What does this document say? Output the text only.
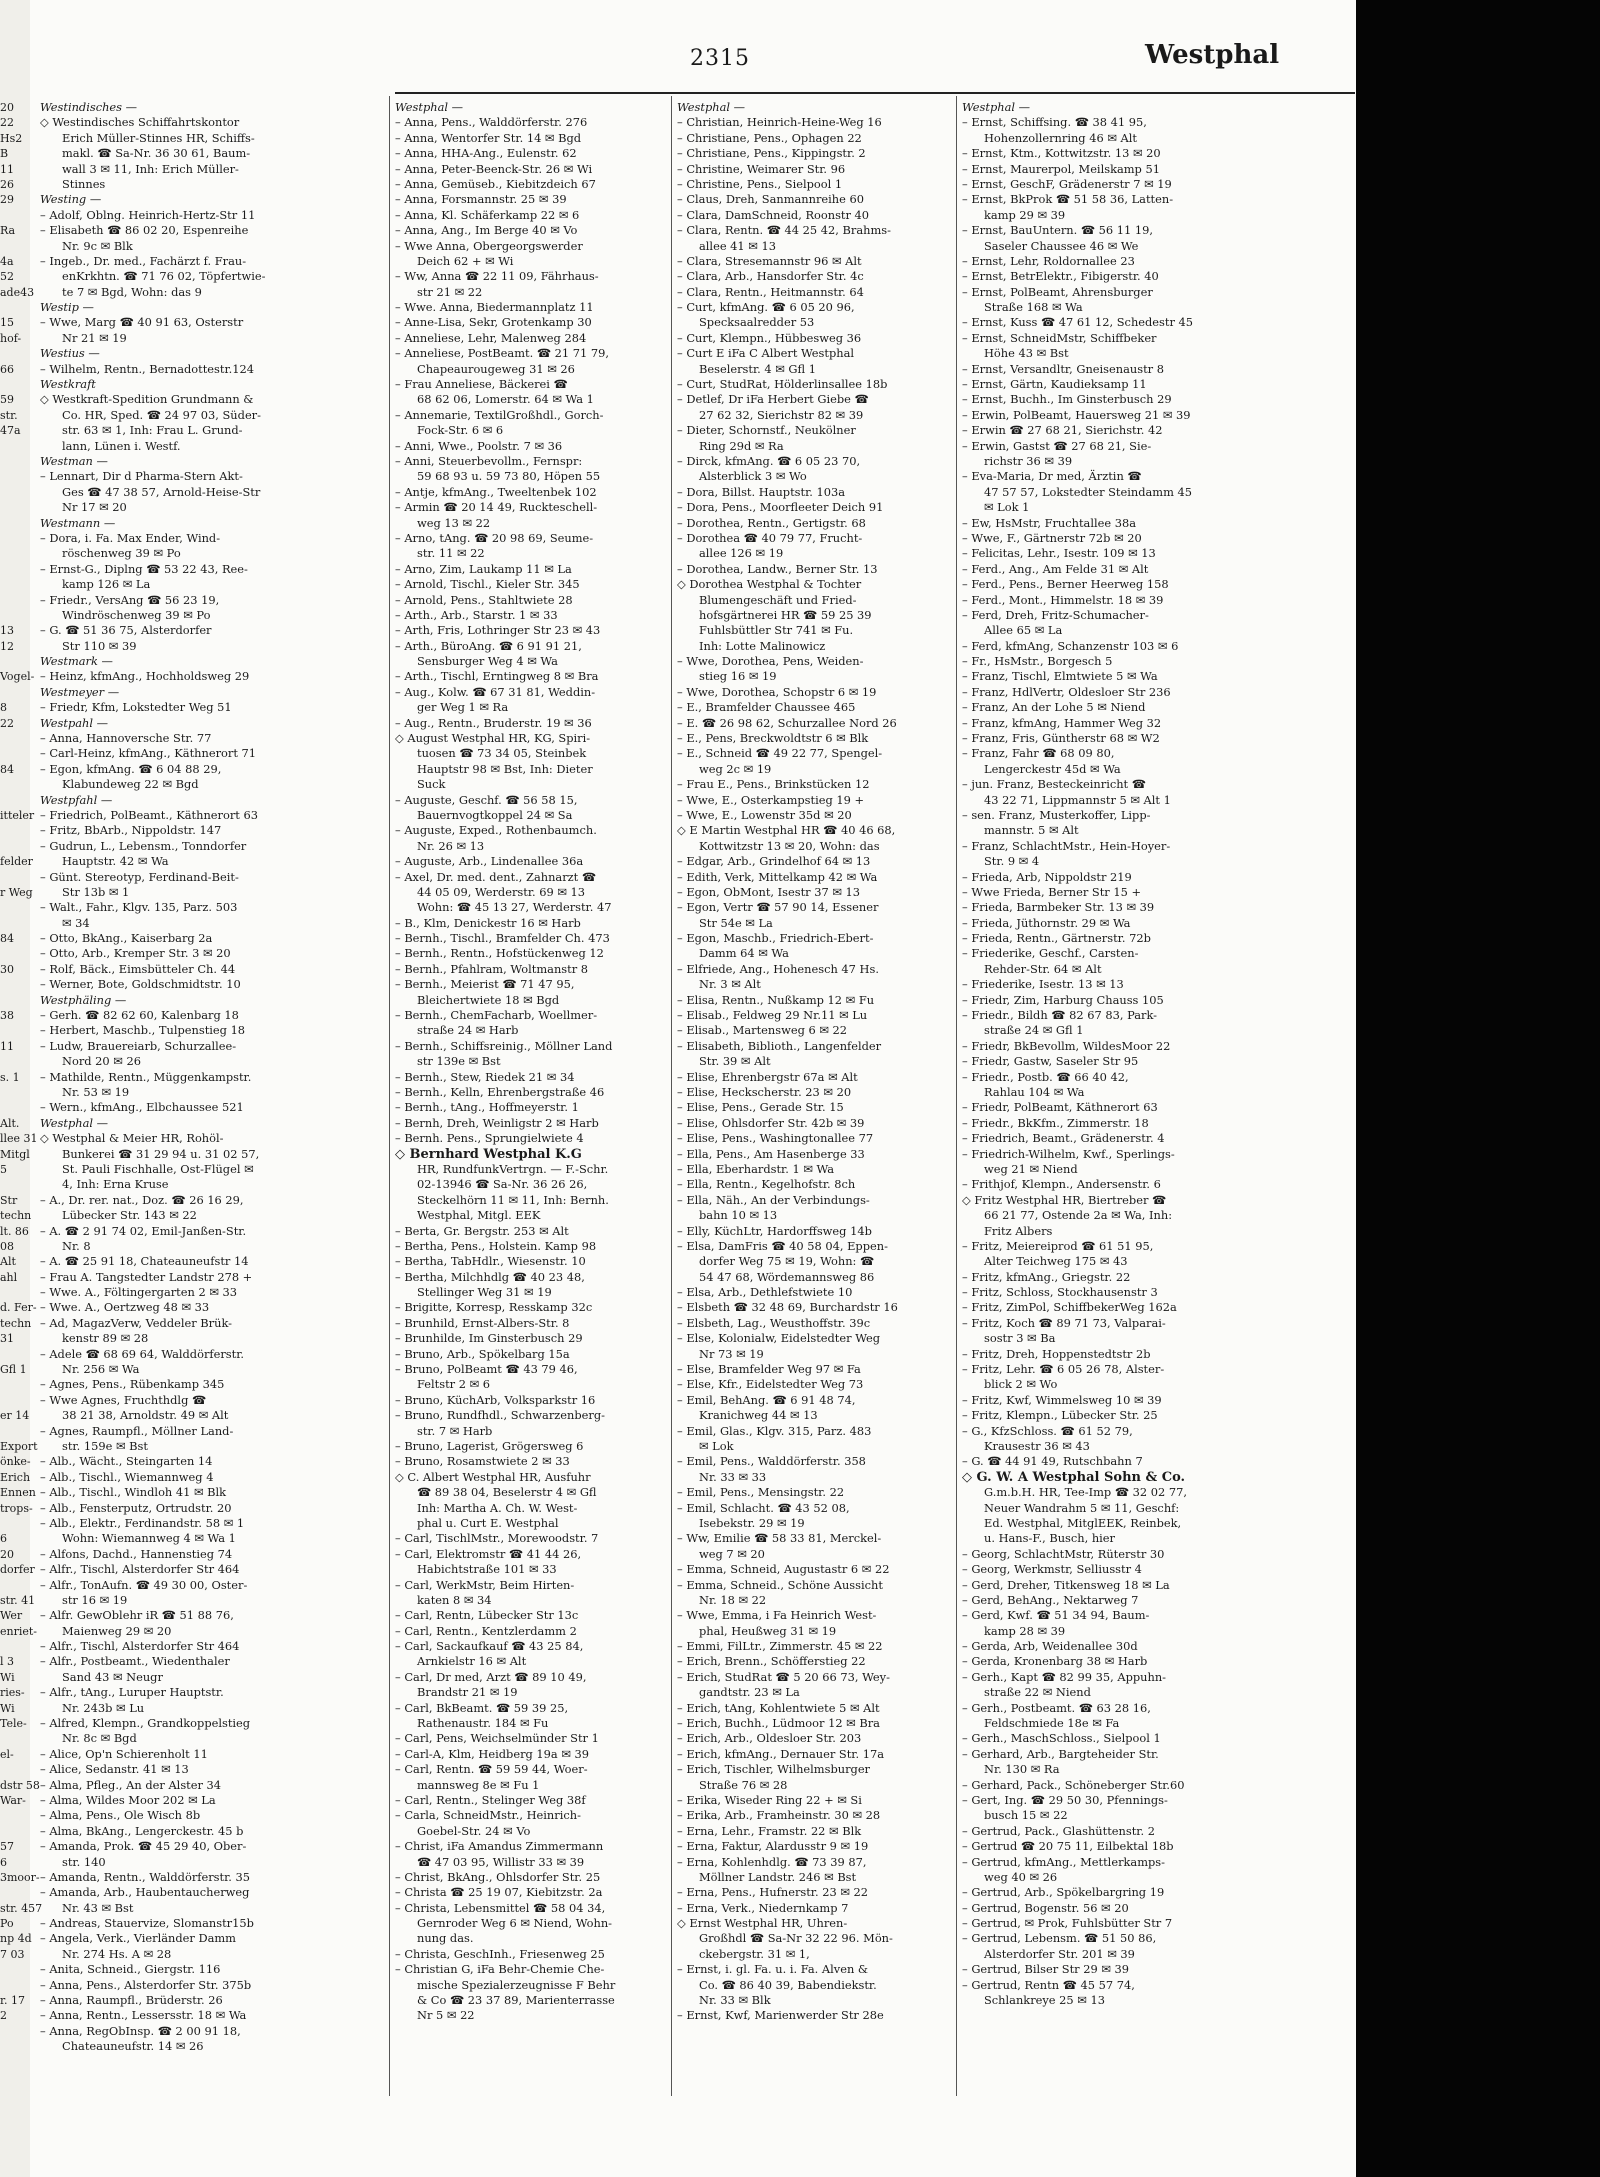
20
22
Hs2
B
11
26
29
Ra
4a
52
ade43
15
hof-
66
59
str.
47a
13
12
Vogel-
8
22
84
itteler
felder
r Weg
84
30
38
11
s. 1
Alt.
llee 31
Mitgl
5
Str
techn
lt. 86
08
Alt
ahl
d. Fer-
techn
31
Gfl 1
er 14
Export
önke-
Erich
Ennen
trops-
6
20
dorfer
str. 41
Wer
enriet-
l 3
Wi
ries-
Wi
Tele-
el-
dstr 58
War-
57
6
3moor-
str. 457
Po
np 4d
7 03
r. 17
2
2315	Westphal
Westindisches —
◇ Westindisches Schiffahrtskontor
Erich Müller-Stinnes HR, Schiffs-
makl. ☎ Sa-Nr. 36 30 61, Baum-
wall 3 ✉ 11, Inh: Erich Müller-
Stinnes
Westing —
– Adolf, Oblng. Heinrich-Hertz-Str 11
– Elisabeth ☎ 86 02 20, Espenreihe
Nr. 9c ✉ Blk
– Ingeb., Dr. med., Fachärzt f. Frau-
enKrkhtn. ☎ 71 76 02, Töpfertwie-
te 7 ✉ Bgd, Wohn: das 9
Westip —
– Wwe, Marg ☎ 40 91 63, Osterstr
Nr 21 ✉ 19
Westius —
– Wilhelm, Rentn., Bernadottestr.124
Westkraft
◇ Westkraft-Spedition Grundmann &
Co. HR, Sped. ☎ 24 97 03, Süder-
str. 63 ✉ 1, Inh: Frau L. Grund-
lann, Lünen i. Westf.
Westman —
– Lennart, Dir d Pharma-Stern Akt-
Ges ☎ 47 38 57, Arnold-Heise-Str
Nr 17 ✉ 20
Westmann —
– Dora, i. Fa. Max Ender, Wind-
röschenweg 39 ✉ Po
– Ernst-G., Diplng ☎ 53 22 43, Ree-
kamp 126 ✉ La
– Friedr., VersAng ☎ 56 23 19,
Windröschenweg 39 ✉ Po
– G. ☎ 51 36 75, Alsterdorfer
Str 110 ✉ 39
Westmark —
– Heinz, kfmAng., Hochholdsweg 29
Westmeyer —
– Friedr, Kfm, Lokstedter Weg 51
Westpahl —
– Anna, Hannoversche Str. 77
– Carl-Heinz, kfmAng., Käthnerort 71
– Egon, kfmAng. ☎ 6 04 88 29,
Klabundeweg 22 ✉ Bgd
Westpfahl —
– Friedrich, PolBeamt., Käthnerort 63
– Fritz, BbArb., Nippoldstr. 147
– Gudrun, L., Lebensm., Tonndorfer
Hauptstr. 42 ✉ Wa
– Günt. Stereotyp, Ferdinand-Beit-
Str 13b ✉ 1
– Walt., Fahr., Klgv. 135, Parz. 503
✉ 34
– Otto, BkAng., Kaiserbarg 2a
– Otto, Arb., Kremper Str. 3 ✉ 20
– Rolf, Bäck., Eimsbütteler Ch. 44
– Werner, Bote, Goldschmidtstr. 10
Westphäling —
– Gerh. ☎ 82 62 60, Kalenbarg 18
– Herbert, Maschb., Tulpenstieg 18
– Ludw, Brauereiarb, Schurzallee-
Nord 20 ✉ 26
– Mathilde, Rentn., Müggenkampstr.
Nr. 53 ✉ 19
– Wern., kfmAng., Elbchaussee 521
Westphal —
◇ Westphal & Meier HR, Rohöl-
Bunkerei ☎ 31 29 94 u. 31 02 57,
St. Pauli Fischhalle, Ost-Flügel ✉
4, Inh: Erna Kruse
– A., Dr. rer. nat., Doz. ☎ 26 16 29,
Lübecker Str. 143 ✉ 22
– A. ☎ 2 91 74 02, Emil-Janßen-Str.
Nr. 8
– A. ☎ 25 91 18, Chateauneufstr 14
– Frau A. Tangstedter Landstr 278 +
– Wwe. A., Föltingergarten 2 ✉ 33
– Wwe. A., Oertzweg 48 ✉ 33
– Ad, MagazVerw, Veddeler Brük-
kenstr 89 ✉ 28
– Adele ☎ 68 69 64, Walddörferstr.
Nr. 256 ✉ Wa
– Agnes, Pens., Rübenkamp 345
– Wwe Agnes, Fruchthdlg ☎
38 21 38, Arnoldstr. 49 ✉ Alt
– Agnes, Raumpfl., Möllner Land-
str. 159e ✉ Bst
– Alb., Wächt., Steingarten 14
– Alb., Tischl., Wiemannweg 4
– Alb., Tischl., Windloh 41 ✉ Blk
– Alb., Fensterputz, Ortrudstr. 20
– Alb., Elektr., Ferdinandstr. 58 ✉ 1
Wohn: Wiemannweg 4 ✉ Wa 1
– Alfons, Dachd., Hannenstieg 74
– Alfr., Tischl, Alsterdorfer Str 464
– Alfr., TonAufn. ☎ 49 30 00, Oster-
str 16 ✉ 19
– Alfr. GewOblehr iR ☎ 51 88 76,
Maienweg 29 ✉ 20
– Alfr., Tischl, Alsterdorfer Str 464
– Alfr., Postbeamt., Wiedenthaler
Sand 43 ✉ Neugr
– Alfr., tAng., Luruper Hauptstr.
Nr. 243b ✉ Lu
– Alfred, Klempn., Grandkoppelstieg
Nr. 8c ✉ Bgd
– Alice, Op'n Schierenholt 11
– Alice, Sedanstr. 41 ✉ 13
– Alma, Pfleg., An der Alster 34
– Alma, Wildes Moor 202 ✉ La
– Alma, Pens., Ole Wisch 8b
– Alma, BkAng., Lengerckestr. 45 b
– Amanda, Prok. ☎ 45 29 40, Ober-
str. 140
– Amanda, Rentn., Walddörferstr. 35
– Amanda, Arb., Haubentaucherweg
Nr. 43 ✉ Bst
– Andreas, Stauervize, Slomanstr15b
– Angela, Verk., Vierländer Damm
Nr. 274 Hs. A ✉ 28
– Anita, Schneid., Giergstr. 116
– Anna, Pens., Alsterdorfer Str. 375b
– Anna, Raumpfl., Brüderstr. 26
– Anna, Rentn., Lessersstr. 18 ✉ Wa
– Anna, RegObInsp. ☎ 2 00 91 18,
Chateauneufstr. 14 ✉ 26
Westphal —
– Anna, Pens., Walddörferstr. 276
– Anna, Wentorfer Str. 14 ✉ Bgd
– Anna, HHA-Ang., Eulenstr. 62
– Anna, Peter-Beenck-Str. 26 ✉ Wi
– Anna, Gemüseb., Kiebitzdeich 67
– Anna, Forsmannstr. 25 ✉ 39
– Anna, Kl. Schäferkamp 22 ✉ 6
– Anna, Ang., Im Berge 40 ✉ Vo
– Wwe Anna, Obergeorgswerder
Deich 62 + ✉ Wi
– Ww, Anna ☎ 22 11 09, Fährhaus-
str 21 ✉ 22
– Wwe. Anna, Biedermannplatz 11
– Anne-Lisa, Sekr, Grotenkamp 30
– Anneliese, Lehr, Malenweg 284
– Anneliese, PostBeamt. ☎ 21 71 79,
Chapeaurougeweg 31 ✉ 26
– Frau Anneliese, Bäckerei ☎
68 62 06, Lomerstr. 64 ✉ Wa 1
– Annemarie, TextilGroßhdl., Gorch-
Fock-Str. 6 ✉ 6
– Anni, Wwe., Poolstr. 7 ✉ 36
– Anni, Steuerbevollm., Fernspr:
59 68 93 u. 59 73 80, Höpen 55
– Antje, kfmAng., Tweeltenbek 102
– Armin ☎ 20 14 49, Ruckteschell-
weg 13 ✉ 22
– Arno, tAng. ☎ 20 98 69, Seume-
str. 11 ✉ 22
– Arno, Zim, Laukamp 11 ✉ La
– Arnold, Tischl., Kieler Str. 345
– Arnold, Pens., Stahltwiete 28
– Arth., Arb., Starstr. 1 ✉ 33
– Arth, Fris, Lothringer Str 23 ✉ 43
– Arth., BüroAng. ☎ 6 91 91 21,
Sensburger Weg 4 ✉ Wa
– Arth., Tischl, Erntingweg 8 ✉ Bra
– Aug., Kolw. ☎ 67 31 81, Weddin-
ger Weg 1 ✉ Ra
– Aug., Rentn., Bruderstr. 19 ✉ 36
◇ August Westphal HR, KG, Spiri-
tuosen ☎ 73 34 05, Steinbek
Hauptstr 98 ✉ Bst, Inh: Dieter
Suck
– Auguste, Geschf. ☎ 56 58 15,
Bauernvogtkoppel 24 ✉ Sa
– Auguste, Exped., Rothenbaumch.
Nr. 26 ✉ 13
– Auguste, Arb., Lindenallee 36a
– Axel, Dr. med. dent., Zahnarzt ☎
44 05 09, Werderstr. 69 ✉ 13
Wohn: ☎ 45 13 27, Werderstr. 47
– B., Klm, Denickestr 16 ✉ Harb
– Bernh., Tischl., Bramfelder Ch. 473
– Bernh., Rentn., Hofstückenweg 12
– Bernh., Pfahlram, Woltmanstr 8
– Bernh., Meierist ☎ 71 47 95,
Bleichertwiete 18 ✉ Bgd
– Bernh., ChemFacharb, Woellmer-
straße 24 ✉ Harb
– Bernh., Schiffsreinig., Möllner Land
str 139e ✉ Bst
– Bernh., Stew, Riedek 21 ✉ 34
– Bernh., Kelln, Ehrenbergstraße 46
– Bernh., tAng., Hoffmeyerstr. 1
– Bernh, Dreh, Weinligstr 2 ✉ Harb
– Bernh. Pens., Sprungielwiete 4
◇ Bernhard Westphal K.G
HR, RundfunkVertrgn. — F.-Schr.
02-13946 ☎ Sa-Nr. 36 26 26,
Steckelhörn 11 ✉ 11, Inh: Bernh.
Westphal, Mitgl. EEK
– Berta, Gr. Bergstr. 253 ✉ Alt
– Bertha, Pens., Holstein. Kamp 98
– Bertha, TabHdlr., Wiesenstr. 10
– Bertha, Milchhdlg ☎ 40 23 48,
Stellinger Weg 31 ✉ 19
– Brigitte, Korresp, Resskamp 32c
– Brunhild, Ernst-Albers-Str. 8
– Brunhilde, Im Ginsterbusch 29
– Bruno, Arb., Spökelbarg 15a
– Bruno, PolBeamt ☎ 43 79 46,
Feltstr 2 ✉ 6
– Bruno, KüchArb, Volksparkstr 16
– Bruno, Rundfhdl., Schwarzenberg-
str. 7 ✉ Harb
– Bruno, Lagerist, Grögersweg 6
– Bruno, Rosamstwiete 2 ✉ 33
◇ C. Albert Westphal HR, Ausfuhr
☎ 89 38 04, Beselerstr 4 ✉ Gfl
Inh: Martha A. Ch. W. West-
phal u. Curt E. Westphal
– Carl, TischlMstr., Morewoodstr. 7
– Carl, Elektromstr ☎ 41 44 26,
Habichtstraße 101 ✉ 33
– Carl, WerkMstr, Beim Hirten-
katen 8 ✉ 34
– Carl, Rentn, Lübecker Str 13c
– Carl, Rentn., Kentzlerdamm 2
– Carl, Sackaufkauf ☎ 43 25 84,
Arnkielstr 16 ✉ Alt
– Carl, Dr med, Arzt ☎ 89 10 49,
Brandstr 21 ✉ 19
– Carl, BkBeamt. ☎ 59 39 25,
Rathenaustr. 184 ✉ Fu
– Carl, Pens, Weichselmünder Str 1
– Carl-A, Klm, Heidberg 19a ✉ 39
– Carl, Rentn. ☎ 59 59 44, Woer-
mannsweg 8e ✉ Fu 1
– Carl, Rentn., Stelinger Weg 38f
– Carla, SchneidMstr., Heinrich-
Goebel-Str. 24 ✉ Vo
– Christ, iFa Amandus Zimmermann
☎ 47 03 95, Willistr 33 ✉ 39
– Christ, BkAng., Ohlsdorfer Str. 25
– Christa ☎ 25 19 07, Kiebitzstr. 2a
– Christa, Lebensmittel ☎ 58 04 34,
Gernroder Weg 6 ✉ Niend, Wohn-
nung das.
– Christa, GeschInh., Friesenweg 25
– Christian G, iFa Behr-Chemie Che-
mische Spezialerzeugnisse F Behr
& Co ☎ 23 37 89, Marienterrasse
Nr 5 ✉ 22
Westphal —
– Christian, Heinrich-Heine-Weg 16
– Christiane, Pens., Ophagen 22
– Christiane, Pens., Kippingstr. 2
– Christine, Weimarer Str. 96
– Christine, Pens., Sielpool 1
– Claus, Dreh, Sanmannreihe 60
– Clara, DamSchneid, Roonstr 40
– Clara, Rentn. ☎ 44 25 42, Brahms-
allee 41 ✉ 13
– Clara, Stresemannstr 96 ✉ Alt
– Clara, Arb., Hansdorfer Str. 4c
– Clara, Rentn., Heitmannstr. 64
– Curt, kfmAng. ☎ 6 05 20 96,
Specksaalredder 53
– Curt, Klempn., Hübbesweg 36
– Curt E iFa C Albert Westphal
Beselerstr. 4 ✉ Gfl 1
– Curt, StudRat, Hölderlinsallee 18b
– Detlef, Dr iFa Herbert Giebe ☎
27 62 32, Sierichstr 82 ✉ 39
– Dieter, Schornstf., Neukölner
Ring 29d ✉ Ra
– Dirck, kfmAng. ☎ 6 05 23 70,
Alsterblick 3 ✉ Wo
– Dora, Billst. Hauptstr. 103a
– Dora, Pens., Moorfleeter Deich 91
– Dorothea, Rentn., Gertigstr. 68
– Dorothea ☎ 40 79 77, Frucht-
allee 126 ✉ 19
– Dorothea, Landw., Berner Str. 13
◇ Dorothea Westphal & Tochter
Blumengeschäft und Fried-
hofsgärtnerei HR ☎ 59 25 39
Fuhlsbüttler Str 741 ✉ Fu.
Inh: Lotte Malinowicz
– Wwe, Dorothea, Pens, Weiden-
stieg 16 ✉ 19
– Wwe, Dorothea, Schopstr 6 ✉ 19
– E., Bramfelder Chaussee 465
– E. ☎ 26 98 62, Schurzallee Nord 26
– E., Pens, Breckwoldtstr 6 ✉ Blk
– E., Schneid ☎ 49 22 77, Spengel-
weg 2c ✉ 19
– Frau E., Pens., Brinkstücken 12
– Wwe, E., Osterkampstieg 19 +
– Wwe, E., Lowenstr 35d ✉ 20
◇ E Martin Westphal HR ☎ 40 46 68,
Kottwitzstr 13 ✉ 20, Wohn: das
– Edgar, Arb., Grindelhof 64 ✉ 13
– Edith, Verk, Mittelkamp 42 ✉ Wa
– Egon, ObMont, Isestr 37 ✉ 13
– Egon, Vertr ☎ 57 90 14, Essener
Str 54e ✉ La
– Egon, Maschb., Friedrich-Ebert-
Damm 64 ✉ Wa
– Elfriede, Ang., Hohenesch 47 Hs.
Nr. 3 ✉ Alt
– Elisa, Rentn., Nußkamp 12 ✉ Fu
– Elisab., Feldweg 29 Nr.11 ✉ Lu
– Elisab., Martensweg 6 ✉ 22
– Elisabeth, Biblioth., Langenfelder
Str. 39 ✉ Alt
– Elise, Ehrenbergstr 67a ✉ Alt
– Elise, Heckscherstr. 23 ✉ 20
– Elise, Pens., Gerade Str. 15
– Elise, Ohlsdorfer Str. 42b ✉ 39
– Elise, Pens., Washingtonallee 77
– Ella, Pens., Am Hasenberge 33
– Ella, Eberhardstr. 1 ✉ Wa
– Ella, Rentn., Kegelhofstr. 8ch
– Ella, Näh., An der Verbindungs-
bahn 10 ✉ 13
– Elly, KüchLtr, Hardorffsweg 14b
– Elsa, DamFris ☎ 40 58 04, Eppen-
dorfer Weg 75 ✉ 19, Wohn: ☎
54 47 68, Wördemannsweg 86
– Elsa, Arb., Dethlefstwiete 10
– Elsbeth ☎ 32 48 69, Burchardstr 16
– Elsbeth, Lag., Weusthoffstr. 39c
– Else, Kolonialw, Eidelstedter Weg
Nr 73 ✉ 19
– Else, Bramfelder Weg 97 ✉ Fa
– Else, Kfr., Eidelstedter Weg 73
– Emil, BehAng. ☎ 6 91 48 74,
Kranichweg 44 ✉ 13
– Emil, Glas., Klgv. 315, Parz. 483
✉ Lok
– Emil, Pens., Walddörferstr. 358
Nr. 33 ✉ 33
– Emil, Pens., Mensingstr. 22
– Emil, Schlacht. ☎ 43 52 08,
Isebekstr. 29 ✉ 19
– Ww, Emilie ☎ 58 33 81, Merckel-
weg 7 ✉ 20
– Emma, Schneid, Augustastr 6 ✉ 22
– Emma, Schneid., Schöne Aussicht
Nr. 18 ✉ 22
– Wwe, Emma, i Fa Heinrich West-
phal, Heußweg 31 ✉ 19
– Emmi, FilLtr., Zimmerstr. 45 ✉ 22
– Erich, Brenn., Schöfferstieg 22
– Erich, StudRat ☎ 5 20 66 73, Wey-
gandtstr. 23 ✉ La
– Erich, tAng, Kohlentwiete 5 ✉ Alt
– Erich, Buchh., Lüdmoor 12 ✉ Bra
– Erich, Arb., Oldesloer Str. 203
– Erich, kfmAng., Dernauer Str. 17a
– Erich, Tischler, Wilhelmsburger
Straße 76 ✉ 28
– Erika, Wiseder Ring 22 + ✉ Si
– Erika, Arb., Framheinstr. 30 ✉ 28
– Erna, Lehr., Framstr. 22 ✉ Blk
– Erna, Faktur, Alardusstr 9 ✉ 19
– Erna, Kohlenhdlg. ☎ 73 39 87,
Möllner Landstr. 246 ✉ Bst
– Erna, Pens., Hufnerstr. 23 ✉ 22
– Erna, Verk., Niedernkamp 7
◇ Ernst Westphal HR, Uhren-
Großhdl ☎ Sa-Nr 32 22 96. Mön-
ckebergstr. 31 ✉ 1,
– Ernst, i. gl. Fa. u. i. Fa. Alven &
Co. ☎ 86 40 39, Babendiekstr.
Nr. 33 ✉ Blk
– Ernst, Kwf, Marienwerder Str 28e
Westphal —
– Ernst, Schiffsing. ☎ 38 41 95,
Hohenzollernring 46 ✉ Alt
– Ernst, Ktm., Kottwitzstr. 13 ✉ 20
– Ernst, Maurerpol, Meilskamp 51
– Ernst, GeschF, Grädenerstr 7 ✉ 19
– Ernst, BkProk ☎ 51 58 36, Latten-
kamp 29 ✉ 39
– Ernst, BauUntern. ☎ 56 11 19,
Saseler Chaussee 46 ✉ We
– Ernst, Lehr, Roldornallee 23
– Ernst, BetrElektr., Fibigerstr. 40
– Ernst, PolBeamt, Ahrensburger
Straße 168 ✉ Wa
– Ernst, Kuss ☎ 47 61 12, Schedestr 45
– Ernst, SchneidMstr, Schiffbeker
Höhe 43 ✉ Bst
– Ernst, Versandltr, Gneisenaustr 8
– Ernst, Gärtn, Kaudieksamp 11
– Ernst, Buchh., Im Ginsterbusch 29
– Erwin, PolBeamt, Hauersweg 21 ✉ 39
– Erwin ☎ 27 68 21, Sierichstr. 42
– Erwin, Gastst ☎ 27 68 21, Sie-
richstr 36 ✉ 39
– Eva-Maria, Dr med, Ärztin ☎
47 57 57, Lokstedter Steindamm 45
✉ Lok 1
– Ew, HsMstr, Fruchtallee 38a
– Wwe, F., Gärtnerstr 72b ✉ 20
– Felicitas, Lehr., Isestr. 109 ✉ 13
– Ferd., Ang., Am Felde 31 ✉ Alt
– Ferd., Pens., Berner Heerweg 158
– Ferd., Mont., Himmelstr. 18 ✉ 39
– Ferd, Dreh, Fritz-Schumacher-
Allee 65 ✉ La
– Ferd, kfmAng, Schanzenstr 103 ✉ 6
– Fr., HsMstr., Borgesch 5
– Franz, Tischl, Elmtwiete 5 ✉ Wa
– Franz, HdlVertr, Oldesloer Str 236
– Franz, An der Lohe 5 ✉ Niend
– Franz, kfmAng, Hammer Weg 32
– Franz, Fris, Güntherstr 68 ✉ W2
– Franz, Fahr ☎ 68 09 80,
Lengerckestr 45d ✉ Wa
– jun. Franz, Besteckeinricht ☎
43 22 71, Lippmannstr 5 ✉ Alt 1
– sen. Franz, Musterkoffer, Lipp-
mannstr. 5 ✉ Alt
– Franz, SchlachtMstr., Hein-Hoyer-
Str. 9 ✉ 4
– Frieda, Arb, Nippoldstr 219
– Wwe Frieda, Berner Str 15 +
– Frieda, Barmbeker Str. 13 ✉ 39
– Frieda, Jüthornstr. 29 ✉ Wa
– Frieda, Rentn., Gärtnerstr. 72b
– Friederike, Geschf., Carsten-
Rehder-Str. 64 ✉ Alt
– Friederike, Isestr. 13 ✉ 13
– Friedr, Zim, Harburg Chauss 105
– Friedr., Bildh ☎ 82 67 83, Park-
straße 24 ✉ Gfl 1
– Friedr, BkBevollm, WildesMoor 22
– Friedr, Gastw, Saseler Str 95
– Friedr., Postb. ☎ 66 40 42,
Rahlau 104 ✉ Wa
– Friedr, PolBeamt, Käthnerort 63
– Friedr., BkKfm., Zimmerstr. 18
– Friedrich, Beamt., Grädenerstr. 4
– Friedrich-Wilhelm, Kwf., Sperlings-
weg 21 ✉ Niend
– Frithjof, Klempn., Andersenstr. 6
◇ Fritz Westphal HR, Biertreber ☎
66 21 77, Ostende 2a ✉ Wa, Inh:
Fritz Albers
– Fritz, Meiereiprod ☎ 61 51 95,
Alter Teichweg 175 ✉ 43
– Fritz, kfmAng., Griegstr. 22
– Fritz, Schloss, Stockhausenstr 3
– Fritz, ZimPol, SchiffbekerWeg 162a
– Fritz, Koch ☎ 89 71 73, Valparai-
sostr 3 ✉ Ba
– Fritz, Dreh, Hoppenstedtstr 2b
– Fritz, Lehr. ☎ 6 05 26 78, Alster-
blick 2 ✉ Wo
– Fritz, Kwf, Wimmelsweg 10 ✉ 39
– Fritz, Klempn., Lübecker Str. 25
– G., KfzSchloss. ☎ 61 52 79,
Krausestr 36 ✉ 43
– G. ☎ 44 91 49, Rutschbahn 7
◇ G. W. A Westphal Sohn & Co.
G.m.b.H. HR, Tee-Imp ☎ 32 02 77,
Neuer Wandrahm 5 ✉ 11, Geschf:
Ed. Westphal, MitglEEK, Reinbek,
u. Hans-F., Busch, hier
– Georg, SchlachtMstr, Rüterstr 30
– Georg, Werkmstr, Selliusstr 4
– Gerd, Dreher, Titkensweg 18 ✉ La
– Gerd, BehAng., Nektarweg 7
– Gerd, Kwf. ☎ 51 34 94, Baum-
kamp 28 ✉ 39
– Gerda, Arb, Weidenallee 30d
– Gerda, Kronenbarg 38 ✉ Harb
– Gerh., Kapt ☎ 82 99 35, Appuhn-
straße 22 ✉ Niend
– Gerh., Postbeamt. ☎ 63 28 16,
Feldschmiede 18e ✉ Fa
– Gerh., MaschSchloss., Sielpool 1
– Gerhard, Arb., Bargteheider Str.
Nr. 130 ✉ Ra
– Gerhard, Pack., Schöneberger Str.60
– Gert, Ing. ☎ 29 50 30, Pfennings-
busch 15 ✉ 22
– Gertrud, Pack., Glashüttenstr. 2
– Gertrud ☎ 20 75 11, Eilbektal 18b
– Gertrud, kfmAng., Mettlerkamps-
weg 40 ✉ 26
– Gertrud, Arb., Spökelbargring 19
– Gertrud, Bogenstr. 56 ✉ 20
– Gertrud, ✉ Prok, Fuhlsbütter Str 7
– Gertrud, Lebensm. ☎ 51 50 86,
Alsterdorfer Str. 201 ✉ 39
– Gertrud, Bilser Str 29 ✉ 39
– Gertrud, Rentn ☎ 45 57 74,
Schlankreye 25 ✉ 13
